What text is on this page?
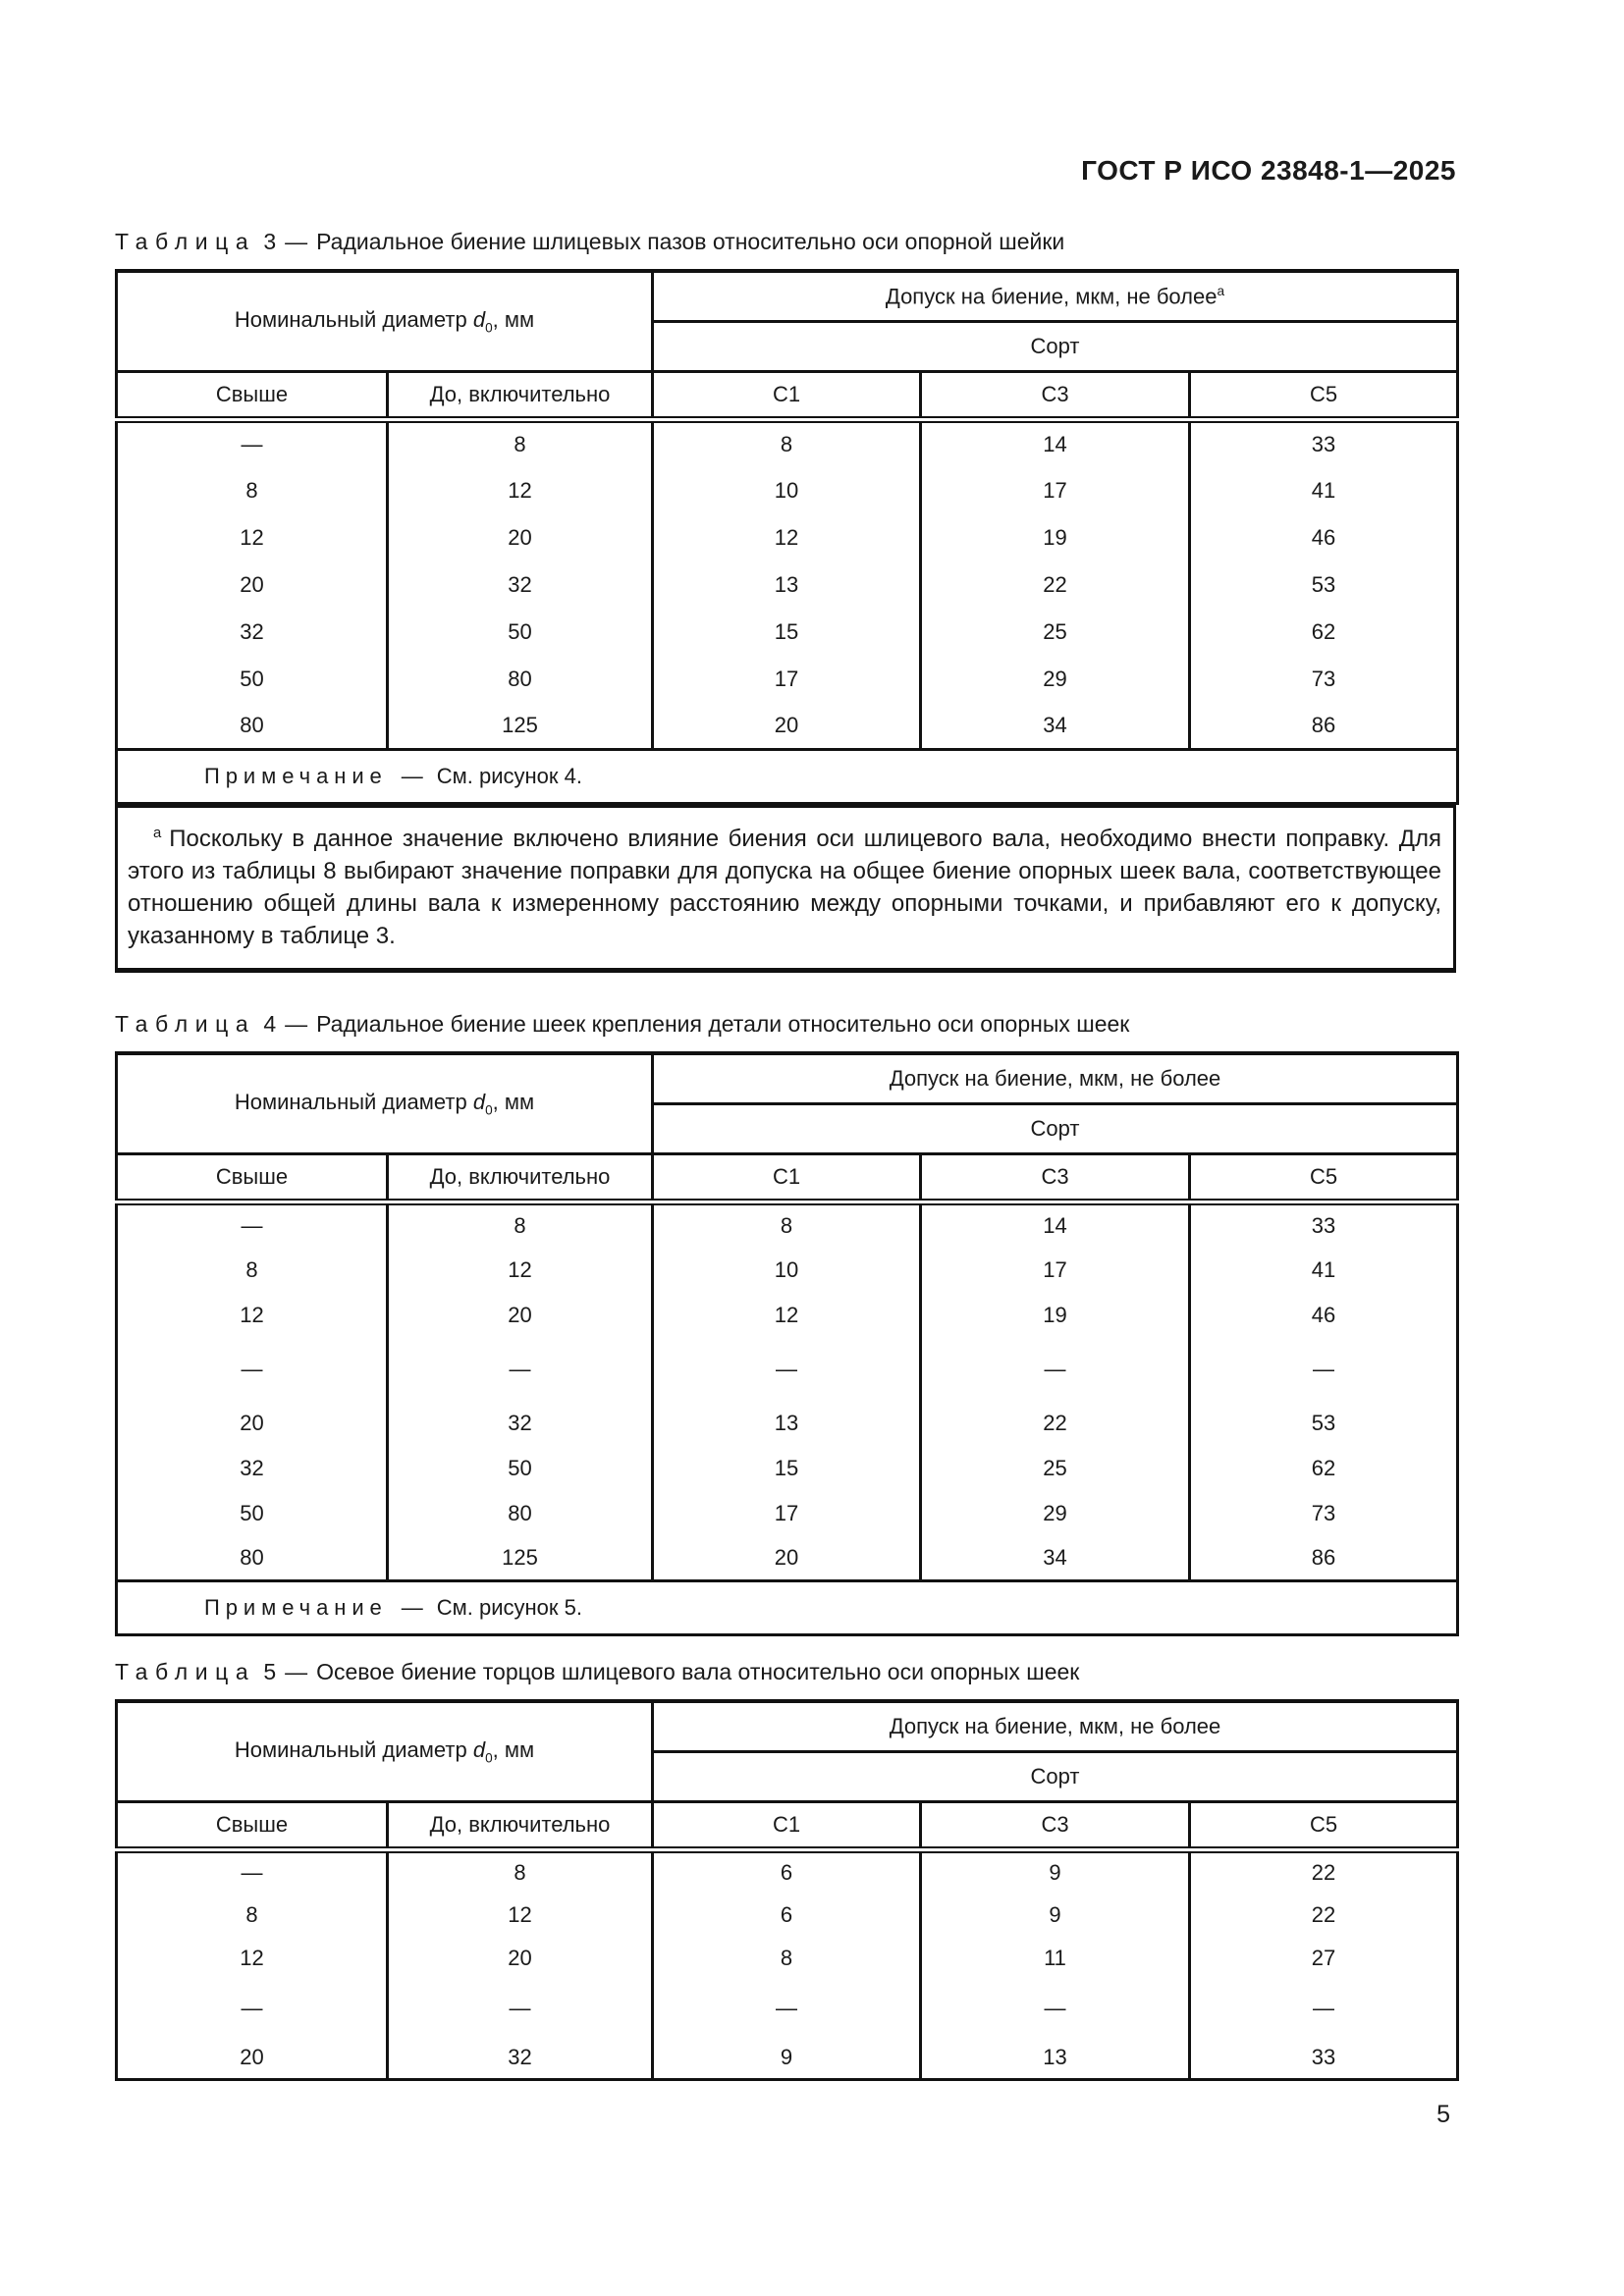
ГОСТ Р ИСО 23848-1—2025
Таблица 3 — Радиальное биение шлицевых пазов относительно оси опорной шейки
Номинальный диаметр $d_0$, мм		Допуск на биение, мкм, не более$^a$
		Сорт		
Свыше	До, включительно	С1	С3	С5
—	8	8	14	33
8	12	10	17	41
12	20	12	19	46
20	32	13	22	53
32	50	15	25	62
50	80	17	29	73
80	125	20	34	86
Примечание — См. рисунок 4.				
$^a$ Поскольку в данное значение включено влияние биения оси шлицевого вала, необходимо внести поправку. Для этого из таблицы 8 выбирают значение поправки для допуска на общее биение опорных шеек вала, соответствующее отношению общей длины вала к измеренному расстоянию между опорными точками, и прибавляют его к допуску, указанному в таблице 3.
Таблица 4 — Радиальное биение шеек крепления детали относительно оси опорных шеек
Номинальный диаметр $d_0$, мм		Допуск на биение, мкм, не более		
		Сорт		
Свыше	До, включительно	С1	С3	С5
—	8	8	14	33
8	12	10	17	41
12	20	12	19	46
—	—	—	—	—
20	32	13	22	53
32	50	15	25	62
50	80	17	29	73
80	125	20	34	86
Примечание — См. рисунок 5.				
Таблица 5 — Осевое биение торцов шлицевого вала относительно оси опорных шеек
Номинальный диаметр $d_0$, мм		Допуск на биение, мкм, не более		
		Сорт		
Свыше	До, включительно	С1	С3	С5
—	8	6	9	22
8	12	6	9	22
12	20	8	11	27
—	—	—	—	—
20	32	9	13	33
5
